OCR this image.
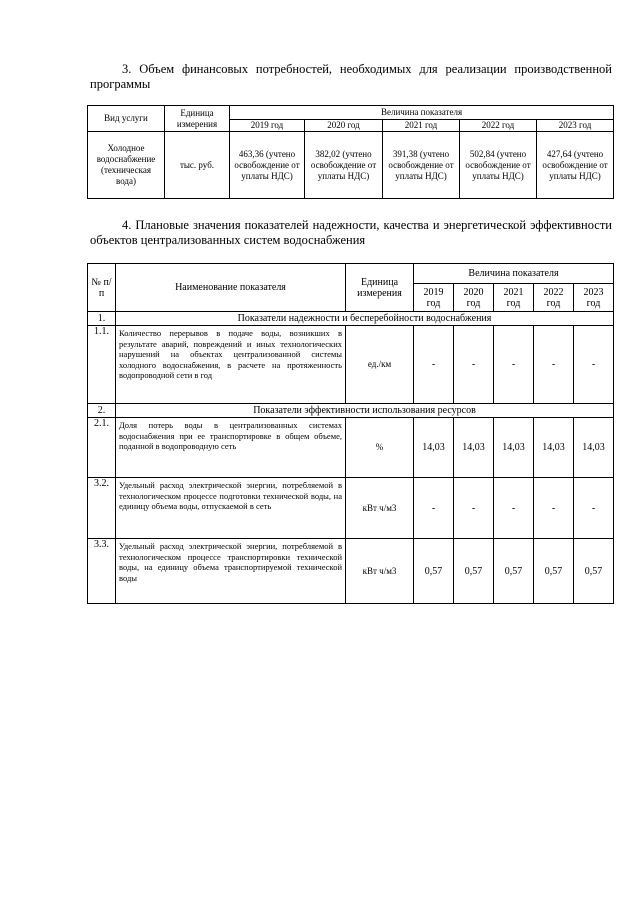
3. Объем финансовых потребностей, необходимых для реализации производственной программы

Вид услуги	Единица измерения	Величина показателя				
		2019 год	2020 год	2021 год	2022 год	2023 год
Холодное водоснабжение (техническая вода)	тыс. руб.	463,36 (учтено освобождение от уплаты НДС)	382,02 (учтено освобождение от уплаты НДС)	391,38 (учтено освобождение от уплаты НДС)	502,84 (учтено освобождение от уплаты НДС)	427,64 (учтено освобождение от уплаты НДС)

4. Плановые значения показателей надежности, качества и энергетической эффективности объектов централизованных систем водоснабжения

№ п/п	Наименование показателя	Единица измерения	Величина показателя				
			2019 год	2020 год	2021 год	2022 год	2023 год
1.	Показатели надежности и бесперебойности водоснабжения						
1.1.	Количество перерывов в подаче воды, возникших в результате аварий, повреждений и иных технологических нарушений на объектах централизованной системы холодного водоснабжения, в расчете на протяженность водопроводной сети в год	ед./км	-	-	-	-	-
2.	Показатели эффективности использования ресурсов						
2.1.	Доля потерь воды в централизованных системах водоснабжения при ее транспортировке в общем объеме, поданной в водопроводную сеть	%	14,03	14,03	14,03	14,03	14,03
3.2.	Удельный расход электрической энергии, потребляемой в технологическом процессе подготовки технической воды, на единицу объема воды, отпускаемой в сеть	кВт ч/м3	-	-	-	-	-
3.3.	Удельный расход электрической энергии, потребляемой в технологическом процессе транспортировки технической воды, на единицу объема транспортируемой технической воды	кВт ч/м3	0,57	0,57	0,57	0,57	0,57
